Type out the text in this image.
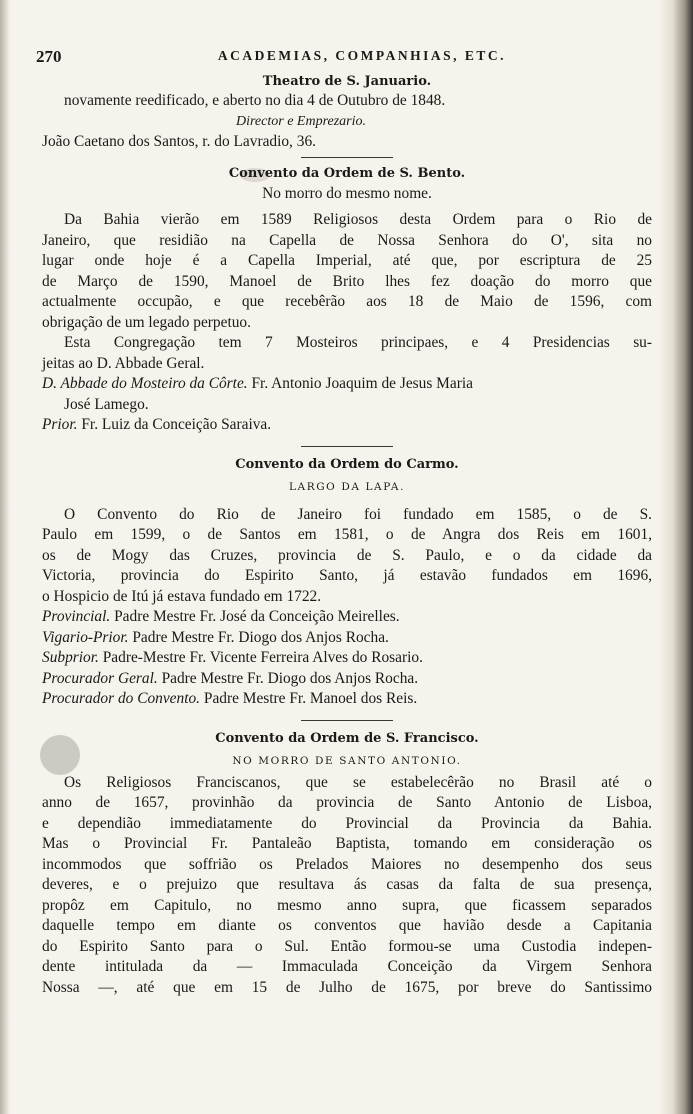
270	ACADEMIAS, COMPANHIAS, ETC.
Theatro de S. Januario.
novamente reedificado, e aberto no dia 4 de Outubro de 1848.
Director e Emprezario.
João Caetano dos Santos, r. do Lavradio, 36.
Convento da Ordem de S. Bento.
No morro do mesmo nome.
Da Bahia vierão em 1589 Religiosos desta Ordem para o Rio de
Janeiro, que residião na Capella de Nossa Senhora do O', sita no
lugar onde hoje é a Capella Imperial, até que, por escriptura de 25
de Março de 1590, Manoel de Brito lhes fez doação do morro que
actualmente occupão, e que recebêrão aos 18 de Maio de 1596, com
obrigação de um legado perpetuo.
Esta Congregação tem 7 Mosteiros principaes, e 4 Presidencias su-
jeitas ao D. Abbade Geral.
D. Abbade do Mosteiro da Côrte. Fr. Antonio Joaquim de Jesus Maria
José Lamego.
Prior. Fr. Luiz da Conceição Saraiva.
Convento da Ordem do Carmo.
LARGO DA LAPA.
O Convento do Rio de Janeiro foi fundado em 1585, o de S.
Paulo em 1599, o de Santos em 1581, o de Angra dos Reis em 1601,
os de Mogy das Cruzes, provincia de S. Paulo, e o da cidade da
Victoria, provincia do Espirito Santo, já estavão fundados em 1696,
o Hospicio de Itú já estava fundado em 1722.
Provincial. Padre Mestre Fr. José da Conceição Meirelles.
Vigario-Prior. Padre Mestre Fr. Diogo dos Anjos Rocha.
Subprior. Padre-Mestre Fr. Vicente Ferreira Alves do Rosario.
Procurador Geral. Padre Mestre Fr. Diogo dos Anjos Rocha.
Procurador do Convento. Padre Mestre Fr. Manoel dos Reis.
Convento da Ordem de S. Francisco.
NO MORRO DE SANTO ANTONIO.
Os Religiosos Franciscanos, que se estabelecêrão no Brasil até o
anno de 1657, provinhão da provincia de Santo Antonio de Lisboa,
e dependião immediatamente do Provincial da Provincia da Bahia.
Mas o Provincial Fr. Pantaleão Baptista, tomando em consideração os
incommodos que soffrião os Prelados Maiores no desempenho dos seus
deveres, e o prejuizo que resultava ás casas da falta de sua presença,
propôz em Capitulo, no mesmo anno supra, que ficassem separados
daquelle tempo em diante os conventos que havião desde a Capitania
do Espirito Santo para o Sul. Então formou-se uma Custodia indepen-
dente intitulada da — Immaculada Conceição da Virgem Senhora
Nossa —, até que em 15 de Julho de 1675, por breve do Santissimo
